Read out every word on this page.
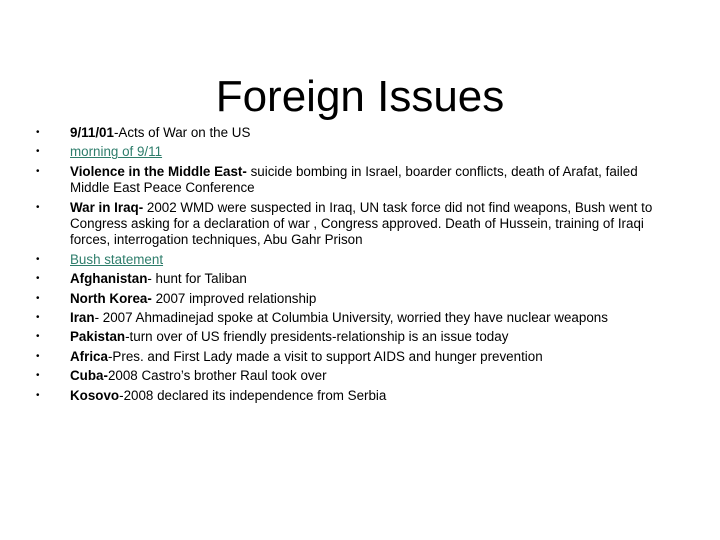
Foreign Issues
• 9/11/01-Acts of War on the US
• morning of 9/11
• Violence in the Middle East- suicide bombing in Israel, boarder conflicts, death of Arafat, failed Middle East Peace Conference
• War in Iraq- 2002 WMD were suspected in Iraq, UN task force did not find weapons, Bush went to Congress asking for a declaration of war , Congress approved. Death of Hussein, training of Iraqi forces, interrogation techniques, Abu Gahr Prison
• Bush statement
• Afghanistan- hunt for Taliban
• North Korea- 2007 improved relationship
• Iran- 2007 Ahmadinejad spoke at Columbia University, worried they have nuclear weapons
• Pakistan-turn over of US friendly presidents-relationship is an issue today
• Africa-Pres. and First Lady made a visit to support AIDS and hunger prevention
• Cuba-2008 Castro’s brother Raul took over
• Kosovo-2008 declared its independence from Serbia
